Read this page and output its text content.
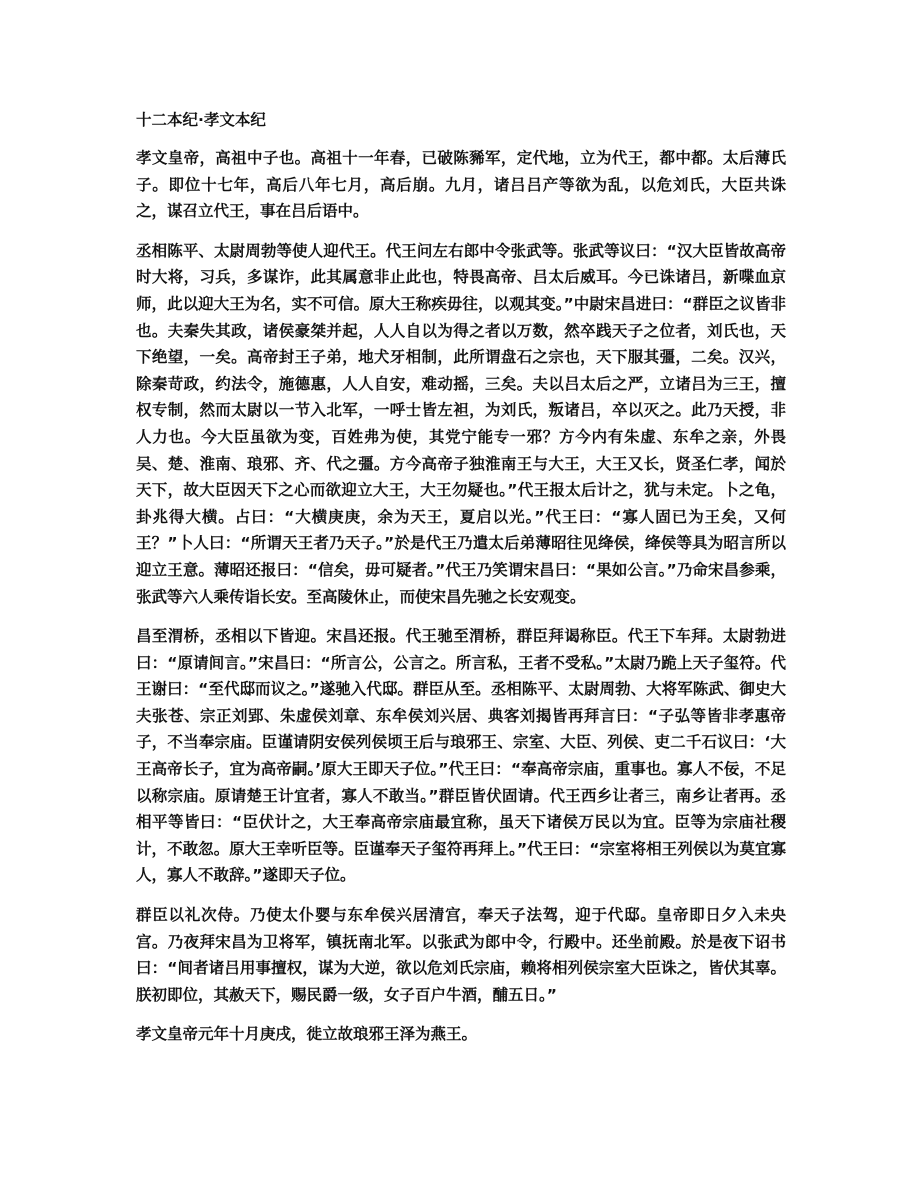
十二本纪·孝文本纪

孝文皇帝，高祖中子也。高祖十一年春，已破陈豨军，定代地，立为代王，都中都。太后薄氏子。即位十七年，高后八年七月，高后崩。九月，诸吕吕产等欲为乱，以危刘氏，大臣共诛之，谋召立代王，事在吕后语中。

丞相陈平、太尉周勃等使人迎代王。代王问左右郎中令张武等。张武等议曰：“汉大臣皆故高帝时大将，习兵，多谋诈，此其属意非止此也，特畏高帝、吕太后威耳。今已诛诸吕，新喋血京师，此以迎大王为名，实不可信。原大王称疾毋往，以观其变。”中尉宋昌进曰：“群臣之议皆非也。夫秦失其政，诸侯豪桀并起，人人自以为得之者以万数，然卒践天子之位者，刘氏也，天下绝望，一矣。高帝封王子弟，地犬牙相制，此所谓盘石之宗也，天下服其彊，二矣。汉兴，除秦苛政，约法令，施德惠，人人自安，难动摇，三矣。夫以吕太后之严，立诸吕为三王，擅权专制，然而太尉以一节入北军，一呼士皆左袒，为刘氏，叛诸吕，卒以灭之。此乃天授，非人力也。今大臣虽欲为变，百姓弗为使，其党宁能专一邪？方今内有朱虚、东牟之亲，外畏吴、楚、淮南、琅邪、齐、代之彊。方今高帝子独淮南王与大王，大王又长，贤圣仁孝，闻於天下，故大臣因天下之心而欲迎立大王，大王勿疑也。”代王报太后计之，犹与未定。卜之龟，卦兆得大横。占曰：“大横庚庚，余为天王，夏启以光。”代王曰：“寡人固已为王矣，又何王？”卜人曰：“所谓天王者乃天子。”於是代王乃遣太后弟薄昭往见绛侯，绛侯等具为昭言所以迎立王意。薄昭还报曰：“信矣，毋可疑者。”代王乃笑谓宋昌曰：“果如公言。”乃命宋昌参乘，张武等六人乘传诣长安。至高陵休止，而使宋昌先驰之长安观变。

昌至渭桥，丞相以下皆迎。宋昌还报。代王驰至渭桥，群臣拜谒称臣。代王下车拜。太尉勃进曰：“原请间言。”宋昌曰：“所言公，公言之。所言私，王者不受私。”太尉乃跪上天子玺符。代王谢曰：“至代邸而议之。”遂驰入代邸。群臣从至。丞相陈平、太尉周勃、大将军陈武、御史大夫张苍、宗正刘郢、朱虚侯刘章、东牟侯刘兴居、典客刘揭皆再拜言曰：“子弘等皆非孝惠帝子，不当奉宗庙。臣谨请阴安侯列侯顷王后与琅邪王、宗室、大臣、列侯、吏二千石议曰：‘大王高帝长子，宜为高帝嗣。’原大王即天子位。”代王曰：“奉高帝宗庙，重事也。寡人不佞，不足以称宗庙。原请楚王计宜者，寡人不敢当。”群臣皆伏固请。代王西乡让者三，南乡让者再。丞相平等皆曰：“臣伏计之，大王奉高帝宗庙最宜称，虽天下诸侯万民以为宜。臣等为宗庙社稷计，不敢忽。原大王幸听臣等。臣谨奉天子玺符再拜上。”代王曰：“宗室将相王列侯以为莫宜寡人，寡人不敢辞。”遂即天子位。

群臣以礼次侍。乃使太仆婴与东牟侯兴居清宫，奉天子法驾，迎于代邸。皇帝即日夕入未央宫。乃夜拜宋昌为卫将军，镇抚南北军。以张武为郎中令，行殿中。还坐前殿。於是夜下诏书曰：“间者诸吕用事擅权，谋为大逆，欲以危刘氏宗庙，赖将相列侯宗室大臣诛之，皆伏其辜。朕初即位，其赦天下，赐民爵一级，女子百户牛酒，酺五日。”

孝文皇帝元年十月庚戌，徙立故琅邪王泽为燕王。
